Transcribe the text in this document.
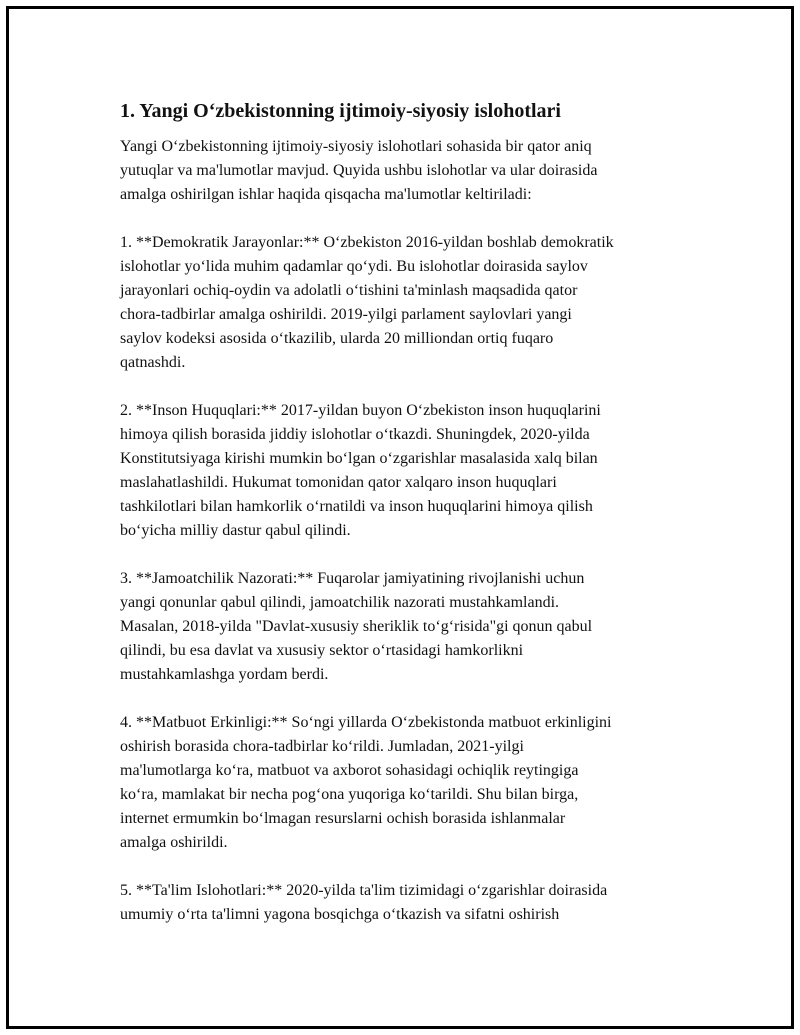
1. Yangi O‘zbekistonning ijtimoiy-siyosiy islohotlari
Yangi O‘zbekistonning ijtimoiy-siyosiy islohotlari sohasida bir qator aniq
yutuqlar va ma'lumotlar mavjud. Quyida ushbu islohotlar va ular doirasida
amalga oshirilgan ishlar haqida qisqacha ma'lumotlar keltiriladi:
1. **Demokratik Jarayonlar:** O‘zbekiston 2016-yildan boshlab demokratik
islohotlar yo‘lida muhim qadamlar qo‘ydi. Bu islohotlar doirasida saylov
jarayonlari ochiq-oydin va adolatli o‘tishini ta'minlash maqsadida qator
chora-tadbirlar amalga oshirildi. 2019-yilgi parlament saylovlari yangi
saylov kodeksi asosida o‘tkazilib, ularda 20 milliondan ortiq fuqaro
qatnashdi.
2. **Inson Huquqlari:** 2017-yildan buyon O‘zbekiston inson huquqlarini
himoya qilish borasida jiddiy islohotlar o‘tkazdi. Shuningdek, 2020-yilda
Konstitutsiyaga kirishi mumkin bo‘lgan o‘zgarishlar masalasida xalq bilan
maslahatlashildi. Hukumat tomonidan qator xalqaro inson huquqlari
tashkilotlari bilan hamkorlik o‘rnatildi va inson huquqlarini himoya qilish
bo‘yicha milliy dastur qabul qilindi.
3. **Jamoatchilik Nazorati:** Fuqarolar jamiyatining rivojlanishi uchun
yangi qonunlar qabul qilindi, jamoatchilik nazorati mustahkamlandi.
Masalan, 2018-yilda "Davlat-xususiy sheriklik to‘g‘risida"gi qonun qabul
qilindi, bu esa davlat va xususiy sektor o‘rtasidagi hamkorlikni
mustahkamlashga yordam berdi.
4. **Matbuot Erkinligi:** So‘ngi yillarda O‘zbekistonda matbuot erkinligini
oshirish borasida chora-tadbirlar ko‘rildi. Jumladan, 2021-yilgi
ma'lumotlarga ko‘ra, matbuot va axborot sohasidagi ochiqlik reytingiga
ko‘ra, mamlakat bir necha pog‘ona yuqoriga ko‘tarildi. Shu bilan birga,
internet ermumkin bo‘lmagan resurslarni ochish borasida ishlanmalar
amalga oshirildi.
5. **Ta'lim Islohotlari:** 2020-yilda ta'lim tizimidagi o‘zgarishlar doirasida
umumiy o‘rta ta'limni yagona bosqichga o‘tkazish va sifatni oshirish
